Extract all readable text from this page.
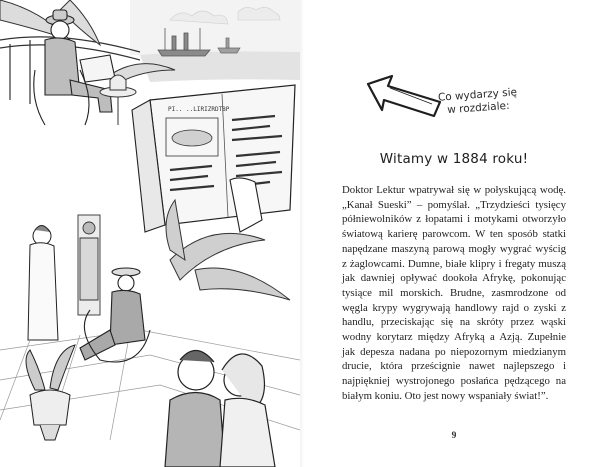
PI.. ..LIRIZRDTBP
Co wydarzy się
w rozdziale:
Witamy w 1884 roku!

Doktor Lektur wpatrywał się w połyskującą wodę. „Kanał Sueski” – pomyślał. „Trzydzieści tysięcy półniewolników z łopatami i motykami otworzyło światową karierę parowcom. W ten sposób statki napędzane maszyną parową mogły wygrać wyścig z żaglowcami. Dumne, białe klipry i fregaty muszą jak dawniej opływać dookoła Afrykę, pokonując tysiące mil morskich. Brudne, zasmrodzone od węgla krypy wygrywają handlowy rajd o zyski z handlu, przeciskając się na skróty przez wąski wodny korytarz między Afryką a Azją. Zupełnie jak depesza nadana po niepozornym miedzianym drucie, która prześcignie nawet najlepszego i najpiękniej wystrojonego posłańca pędzącego na białym koniu. Oto jest nowy wspaniały świat!”.

9
